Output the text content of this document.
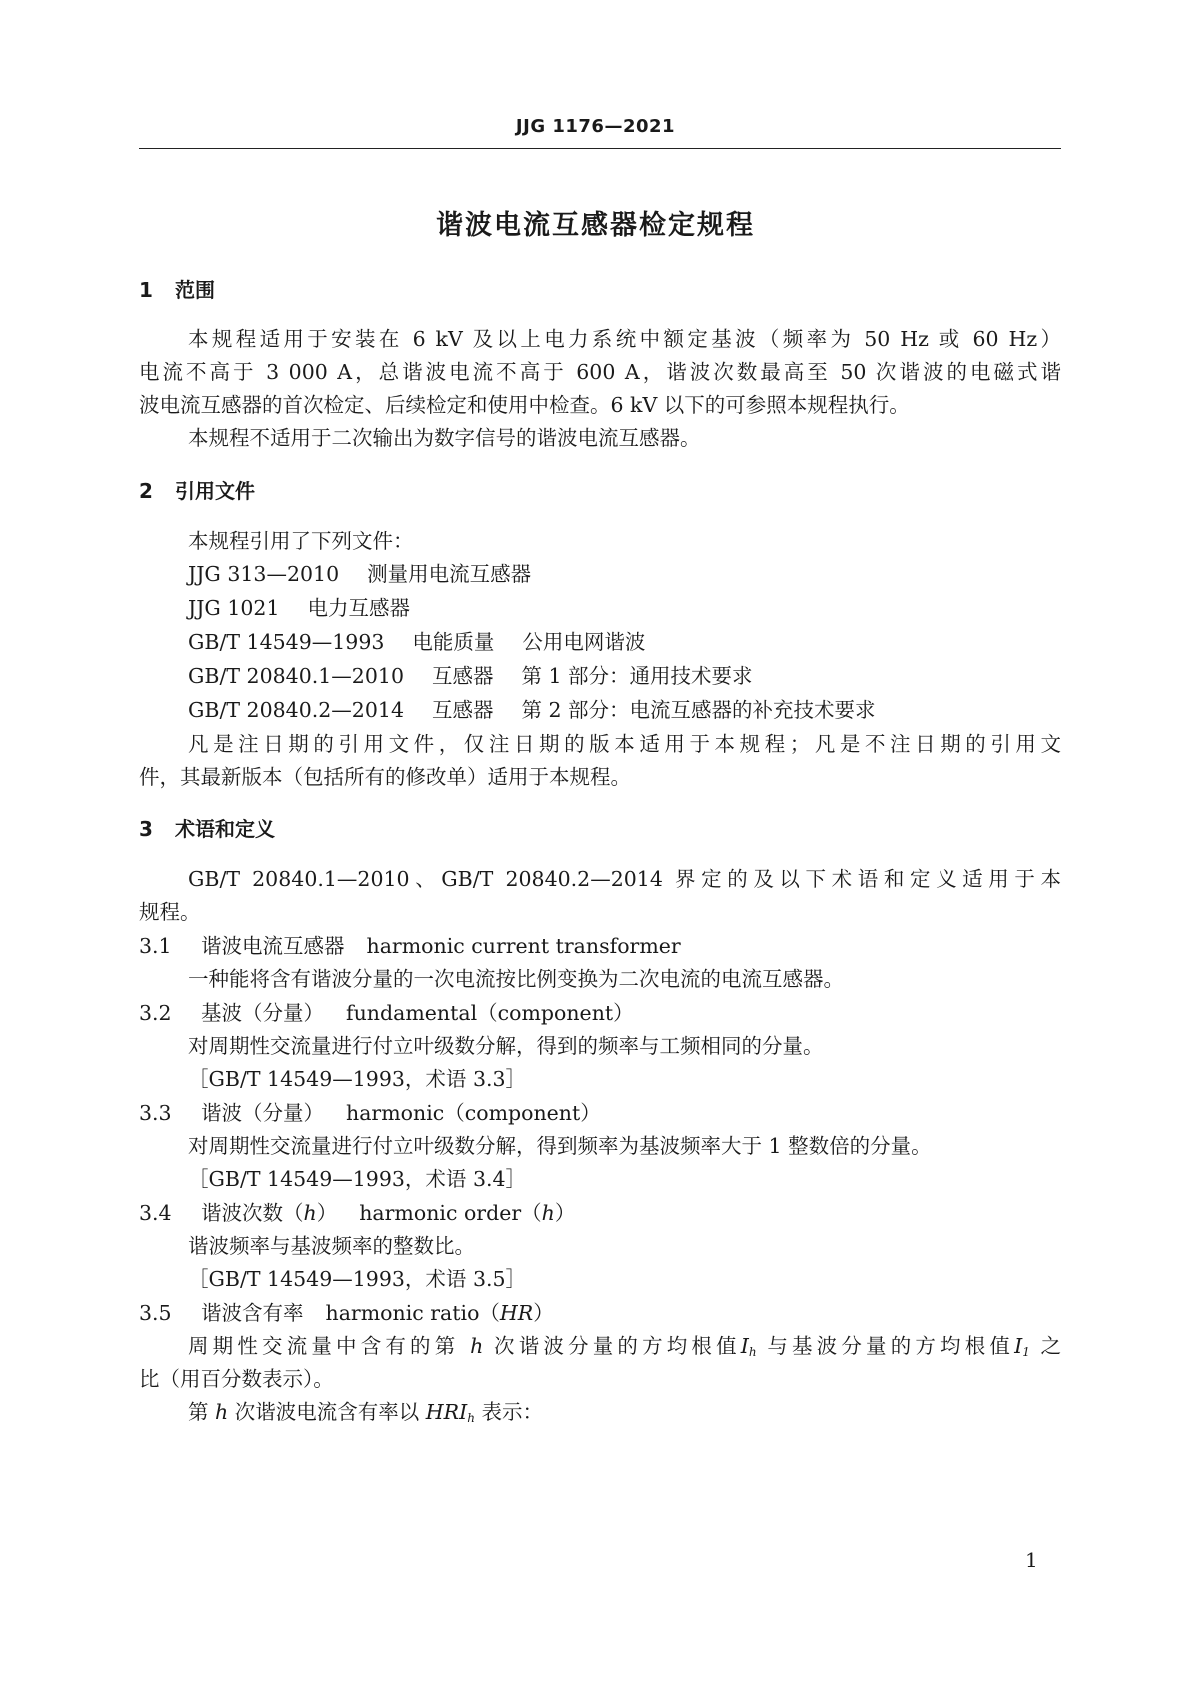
JJG 1176—2021
谐波电流互感器检定规程
1 范围
本规程适用于安装在 6 kV 及以上电力系统中额定基波（频率为 50 Hz 或 60 Hz）
电流不高于 3 000 A，总谐波电流不高于 600 A，谐波次数最高至 50 次谐波的电磁式谐
波电流互感器的首次检定、后续检定和使用中检查。6 kV 以下的可参照本规程执行。
本规程不适用于二次输出为数字信号的谐波电流互感器。
2 引用文件
本规程引用了下列文件：
JJG 313—2010 测量用电流互感器
JJG 1021 电力互感器
GB/T 14549—1993 电能质量 公用电网谐波
GB/T 20840.1—2010 互感器 第 1 部分：通用技术要求
GB/T 20840.2—2014 互感器 第 2 部分：电流互感器的补充技术要求
凡是注日期的引用文件，仅注日期的版本适用于本规程；凡是不注日期的引用文
件，其最新版本（包括所有的修改单）适用于本规程。
3 术语和定义
GB/T 20840.1—2010、GB/T 20840.2—2014 界定的及以下术语和定义适用于本
规程。
3.1 谐波电流互感器 harmonic current transformer
一种能将含有谐波分量的一次电流按比例变换为二次电流的电流互感器。
3.2 基波（分量） fundamental（component）
对周期性交流量进行付立叶级数分解，得到的频率与工频相同的分量。
［GB/T 14549—1993，术语 3.3］
3.3 谐波（分量） harmonic（component）
对周期性交流量进行付立叶级数分解，得到频率为基波频率大于 1 整数倍的分量。
［GB/T 14549—1993，术语 3.4］
3.4 谐波次数（h） harmonic order（h）
谐波频率与基波频率的整数比。
［GB/T 14549—1993，术语 3.5］
3.5 谐波含有率 harmonic ratio（HR）
周期性交流量中含有的第 h 次谐波分量的方均根值$I_h$ 与基波分量的方均根值$I_1$ 之
比（用百分数表示）。
第 h 次谐波电流含有率以 $HRI_h$ 表示：
1
